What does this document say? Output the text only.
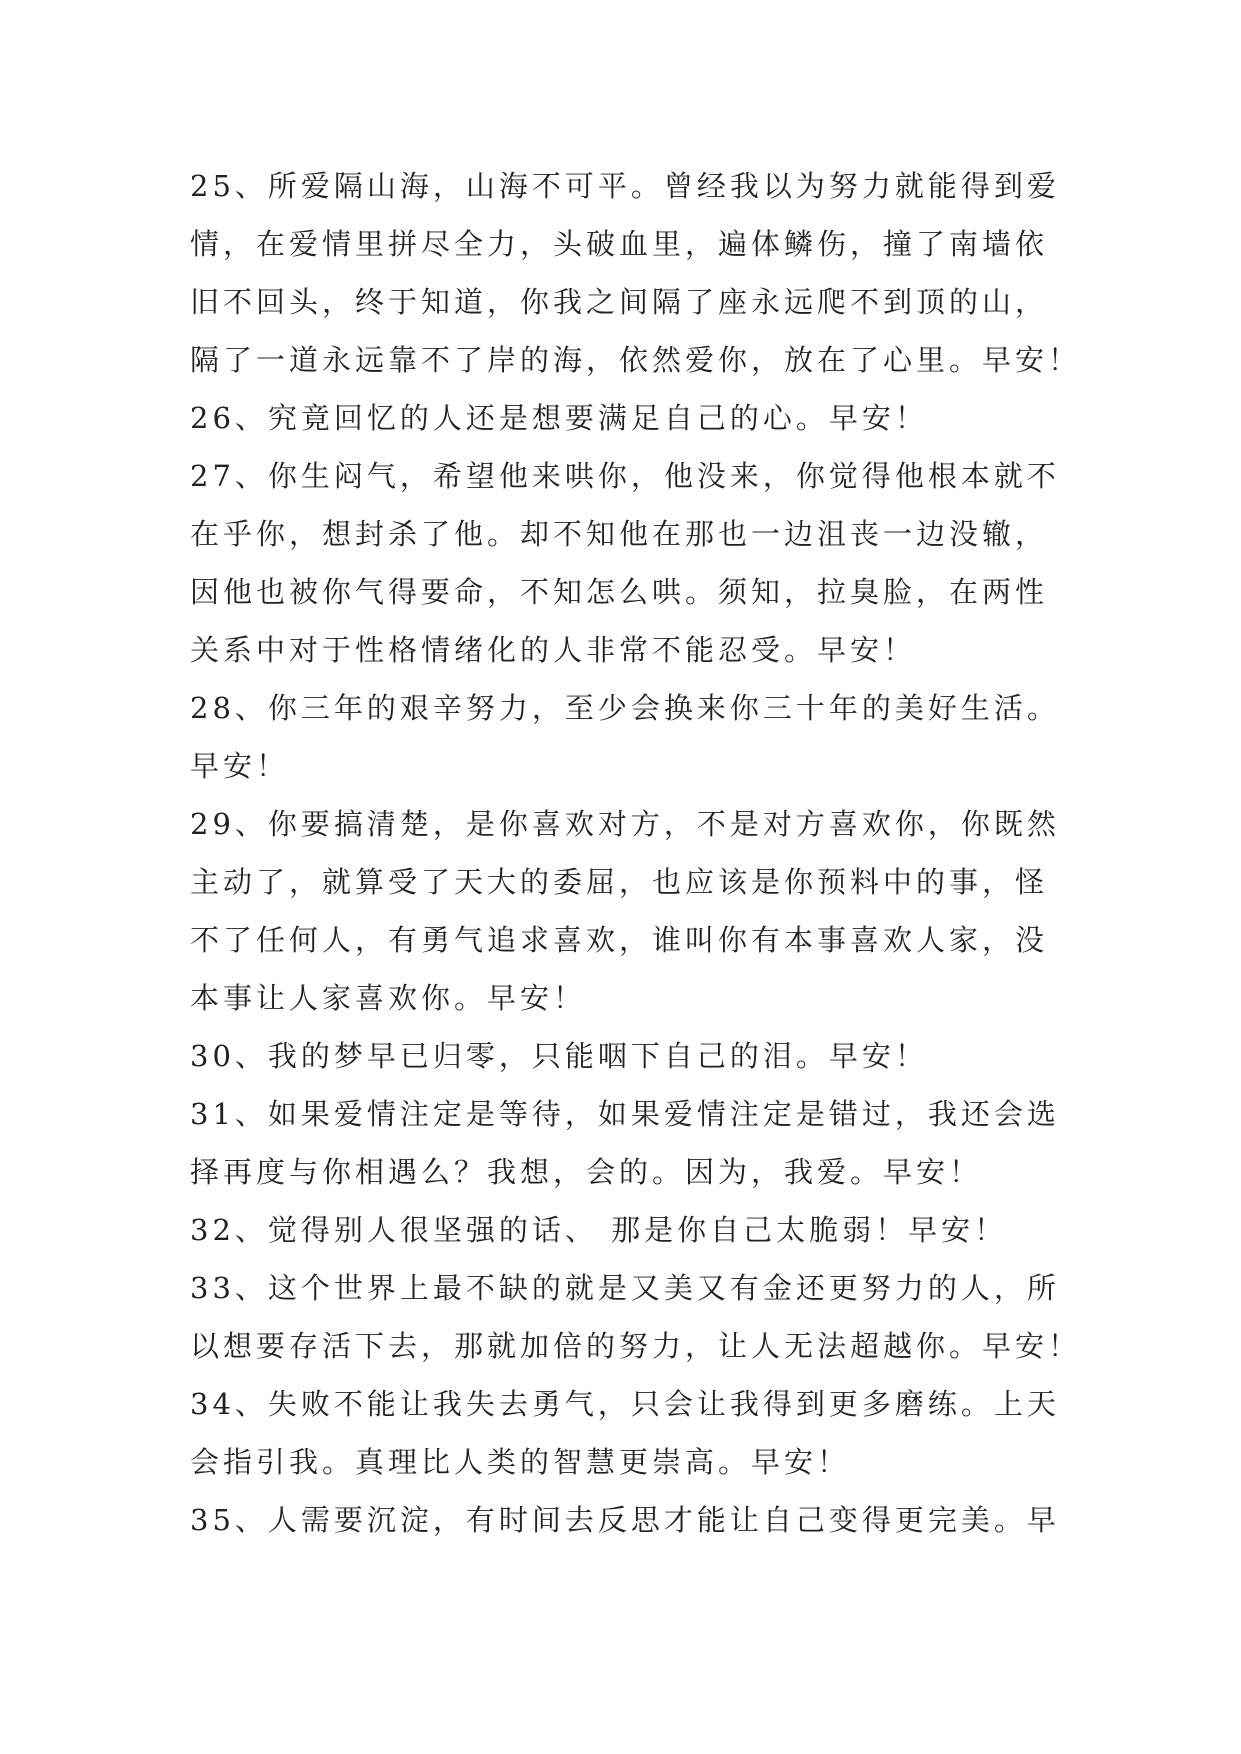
25、所爱隔山海，山海不可平。曾经我以为努力就能得到爱
情，在爱情里拼尽全力，头破血里，遍体鳞伤，撞了南墙依
旧不回头，终于知道，你我之间隔了座永远爬不到顶的山，
隔了一道永远靠不了岸的海，依然爱你，放在了心里。早安！
26、究竟回忆的人还是想要满足自己的心。早安！
27、你生闷气，希望他来哄你，他没来，你觉得他根本就不
在乎你，想封杀了他。却不知他在那也一边沮丧一边没辙，
因他也被你气得要命，不知怎么哄。须知，拉臭脸，在两性
关系中对于性格情绪化的人非常不能忍受。早安！
28、你三年的艰辛努力，至少会换来你三十年的美好生活。
早安！
29、你要搞清楚，是你喜欢对方，不是对方喜欢你，你既然
主动了，就算受了天大的委屈，也应该是你预料中的事，怪
不了任何人，有勇气追求喜欢，谁叫你有本事喜欢人家，没
本事让人家喜欢你。早安！
30、我的梦早已归零，只能咽下自己的泪。早安！
31、如果爱情注定是等待，如果爱情注定是错过，我还会选
择再度与你相遇么？我想，会的。因为，我爱。早安！
32、觉得别人很坚强的话、 那是你自己太脆弱！早安！
33、这个世界上最不缺的就是又美又有金还更努力的人，所
以想要存活下去，那就加倍的努力，让人无法超越你。早安！
34、失败不能让我失去勇气，只会让我得到更多磨练。上天
会指引我。真理比人类的智慧更崇高。早安！
35、人需要沉淀，有时间去反思才能让自己变得更完美。早
